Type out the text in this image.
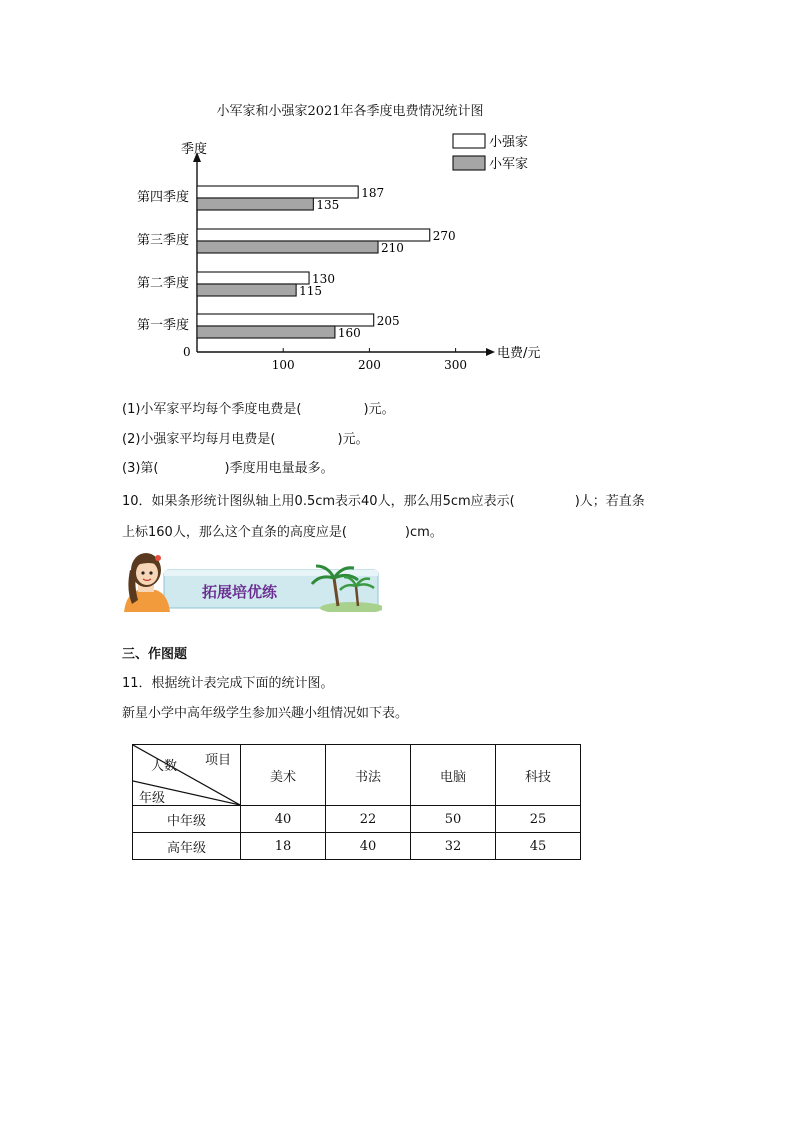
小军家和小强家2021年各季度电费情况统计图
季度
电费/元
0
100	200	300
第一季度	205
160
第二季度	130
115
第三季度	270
210
第四季度	187
135
小强家
小军家
(1)小军家平均每个季度电费是(	)元。
(2)小强家平均每月电费是(	)元。
(3)第(	)季度用电量最多。
10．如果条形统计图纵轴上用0.5cm表示40人，那么用5cm应表示(	)人；若直条
上标160人，那么这个直条的高度应是(	)cm。
拓展培优练
三、作图题
11．根据统计表完成下面的统计图。
新星小学中高年级学生参加兴趣小组情况如下表。
项目
人数
年级	美术	书法	电脑	科技
中年级	40	22	50	25
高年级	18	40	32	45
